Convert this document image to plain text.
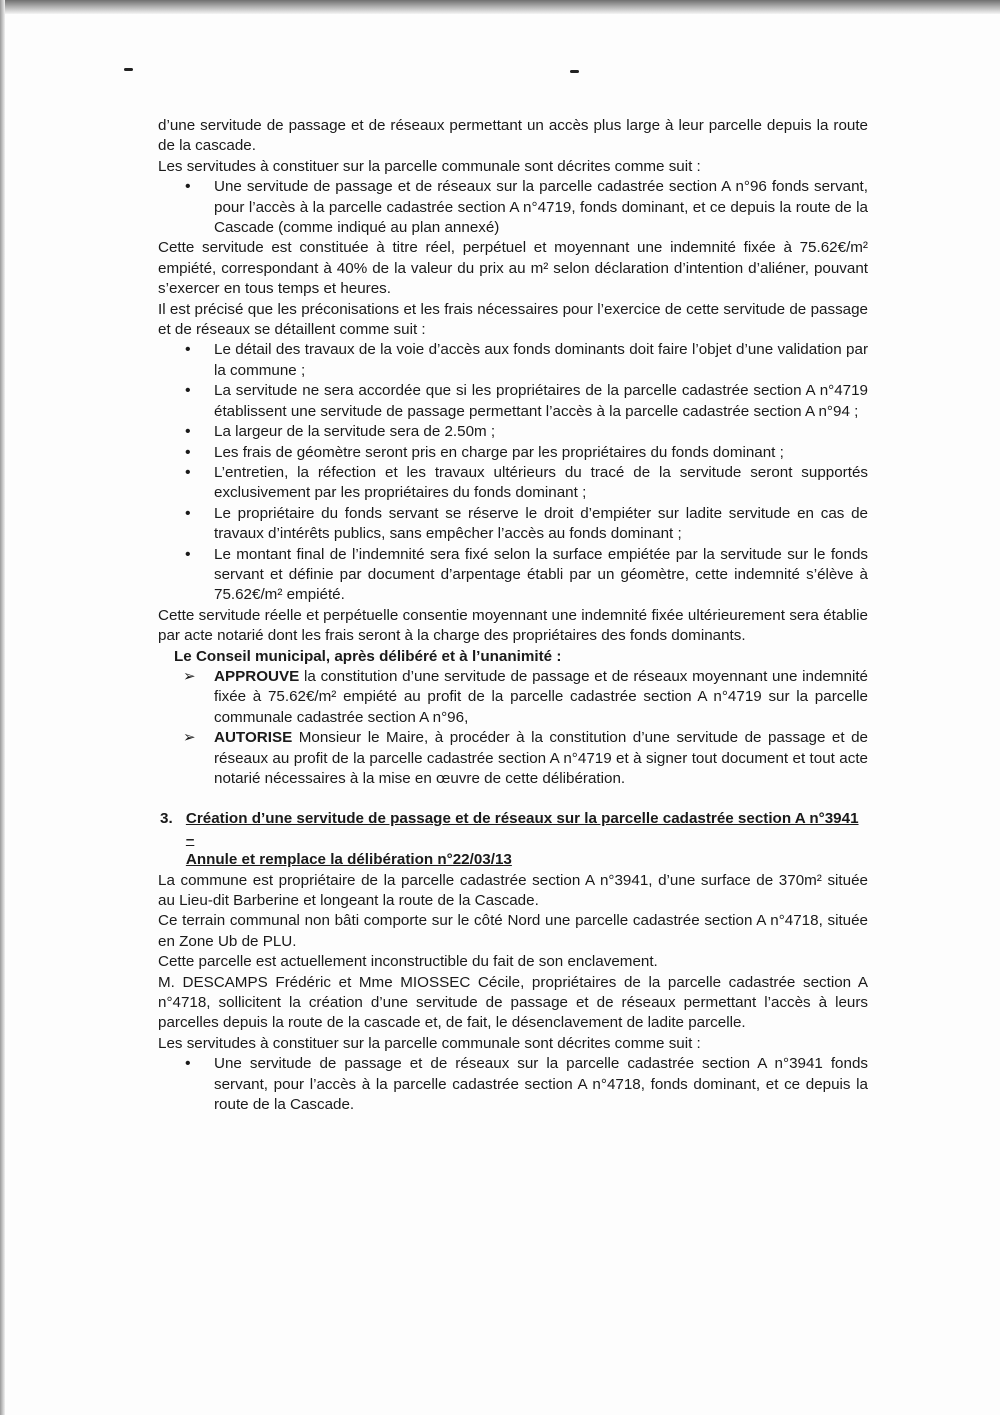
d’une servitude de passage et de réseaux permettant un accès plus large à leur parcelle depuis la route de la cascade.

Les servitudes à constituer sur la parcelle communale sont décrites comme suit :

• Une servitude de passage et de réseaux sur la parcelle cadastrée section A n°96 fonds servant, pour l’accès à la parcelle cadastrée section A n°4719, fonds dominant, et ce depuis la route de la Cascade (comme indiqué au plan annexé)

Cette servitude est constituée à titre réel, perpétuel et moyennant une indemnité fixée à 75.62€/m² empiété, correspondant à 40% de la valeur du prix au m² selon déclaration d’intention d’aliéner, pouvant s’exercer en tous temps et heures.

Il est précisé que les préconisations et les frais nécessaires pour l’exercice de cette servitude de passage et de réseaux se détaillent comme suit :

• Le détail des travaux de la voie d’accès aux fonds dominants doit faire l’objet d’une validation par la commune ;
• La servitude ne sera accordée que si les propriétaires de la parcelle cadastrée section A n°4719 établissent une servitude de passage permettant l’accès à la parcelle cadastrée section A n°94 ;
• La largeur de la servitude sera de 2.50m ;
• Les frais de géomètre seront pris en charge par les propriétaires du fonds dominant ;
• L’entretien, la réfection et les travaux ultérieurs du tracé de la servitude seront supportés exclusivement par les propriétaires du fonds dominant ;
• Le propriétaire du fonds servant se réserve le droit d’empiéter sur ladite servitude en cas de travaux d’intérêts publics, sans empêcher l’accès au fonds dominant ;
• Le montant final de l’indemnité sera fixé selon la surface empiétée par la servitude sur le fonds servant et définie par document d’arpentage établi par un géomètre, cette indemnité s’élève à 75.62€/m² empiété.

Cette servitude réelle et perpétuelle consentie moyennant une indemnité fixée ultérieurement sera établie par acte notarié dont les frais seront à la charge des propriétaires des fonds dominants.

Le Conseil municipal, après délibéré et à l’unanimité :

➢ APPROUVE la constitution d’une servitude de passage et de réseaux moyennant une indemnité fixée à 75.62€/m² empiété au profit de la parcelle cadastrée section A n°4719 sur la parcelle communale cadastrée section A n°96,
➢ AUTORISE Monsieur le Maire, à procéder à la constitution d’une servitude de passage et de réseaux au profit de la parcelle cadastrée section A n°4719 et à signer tout document et tout acte notarié nécessaires à la mise en œuvre de cette délibération.
3. Création d’une servitude de passage et de réseaux sur la parcelle cadastrée section A n°3941 –
Annule et remplace la délibération n°22/03/13

La commune est propriétaire de la parcelle cadastrée section A n°3941, d’une surface de 370m² située au Lieu-dit Barberine et longeant la route de la Cascade.

Ce terrain communal non bâti comporte sur le côté Nord une parcelle cadastrée section A n°4718, située en Zone Ub de PLU.

Cette parcelle est actuellement inconstructible du fait de son enclavement.

M. DESCAMPS Frédéric et Mme MIOSSEC Cécile, propriétaires de la parcelle cadastrée section A n°4718, sollicitent la création d’une servitude de passage et de réseaux permettant l’accès à leurs parcelles depuis la route de la cascade et, de fait, le désenclavement de ladite parcelle.

Les servitudes à constituer sur la parcelle communale sont décrites comme suit :

• Une servitude de passage et de réseaux sur la parcelle cadastrée section A n°3941 fonds servant, pour l’accès à la parcelle cadastrée section A n°4718, fonds dominant, et ce depuis la route de la Cascade.
